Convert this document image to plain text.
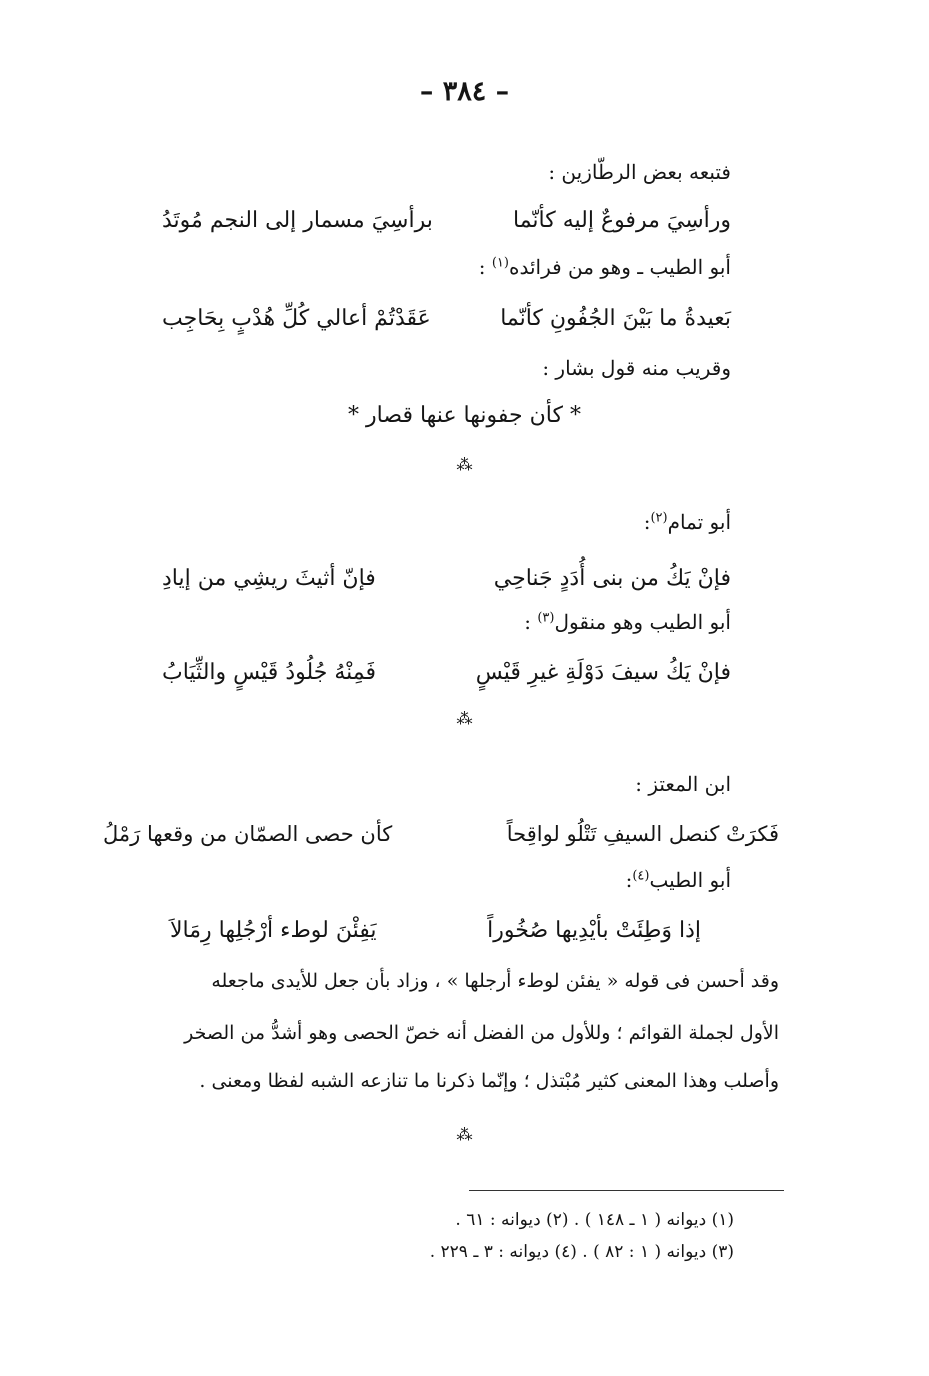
– ٣٨٤ –
فتبعه بعض الرطّازين :
ورأسِيَ مرفوعٌ إليه كأنّما
برأسِيَ مسمار إلى النجم مُوتَدُ
أبو الطيب ـ وهو من فرائده$^{(١)}$ :
بَعيدةُ ما بَيْنَ الجُفُونِ كأنّما
عَقَدْتُمْ أعالي كُلِّ هُدْبٍ بِحَاجِب
وقريب منه قول بشار :
* كأن جفونها عنها قصار *
⁂
أبو تمام$^{(٢)}$:
فإنْ يَكُ من بنى أُدَدٍ جَناحِي
فإنّ أثيثَ ريشِي من إيادِ
أبو الطيب وهو منقول$^{(٣)}$ :
فإنْ يَكُ سيفَ دَوْلَةِ غيرِ قَيْسٍ
فَمِنْهُ جُلُودُ قَيْسٍ والثِّيَابُ
⁂
ابن المعتز :
فَكرَتْ كنصل السيفِ تَتْلُو لواقِحاً
كأن حصى الصمّان من وقعها رَمْلُ
أبو الطيب$^{(٤)}$:
إذا وَطِئَتْ بأيْدِيها صُخُوراً
يَفِئْنَ لوطء أرْجُلِها رِمَالاَ
وقد أحسن فى قوله « يفئن لوطء أرجلها » ، وزاد بأن جعل للأيدى ماجعله
الأول لجملة القوائم ؛ وللأول من الفضل أنه خصّ الحصى وهو أشدُّ من الصخر
وأصلب وهذا المعنى كثير مُبْتذل ؛ وإنّما ذكرنا ما تنازعه الشبه لفظا ومعنى .
⁂
(١) ديوانه ( ١ ـ ١٤٨ ) . (٢) ديوانه : ٦١ .
(٣) ديوانه ( ١ : ٨٢ ) . (٤) ديوانه : ٣ ـ ٢٢٩ .
